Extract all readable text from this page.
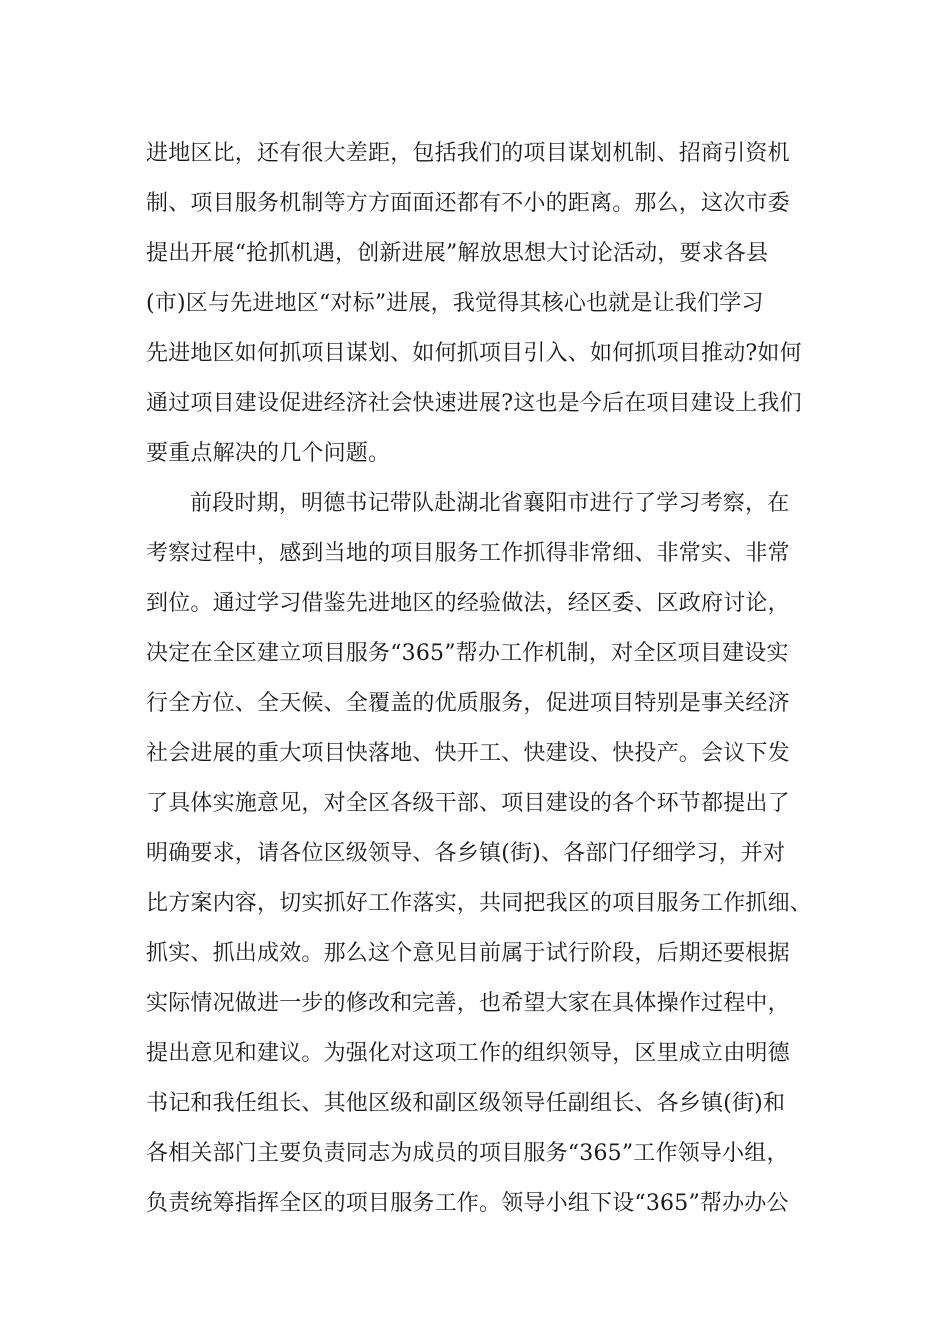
进地区比，还有很大差距，包括我们的项目谋划机制、招商引资机
制、项目服务机制等方方面面还都有不小的距离。那么，这次市委
提出开展“抢抓机遇，创新进展”解放思想大讨论活动，要求各县
(市)区与先进地区“对标”进展，我觉得其核心也就是让我们学习
先进地区如何抓项目谋划、如何抓项目引入、如何抓项目推动?如何
通过项目建设促进经济社会快速进展?这也是今后在项目建设上我们
要重点解决的几个问题。
前段时期，明德书记带队赴湖北省襄阳市进行了学习考察，在
考察过程中，感到当地的项目服务工作抓得非常细、非常实、非常
到位。通过学习借鉴先进地区的经验做法，经区委、区政府讨论，
决定在全区建立项目服务“365”帮办工作机制，对全区项目建设实
行全方位、全天候、全覆盖的优质服务，促进项目特别是事关经济
社会进展的重大项目快落地、快开工、快建设、快投产。会议下发
了具体实施意见，对全区各级干部、项目建设的各个环节都提出了
明确要求，请各位区级领导、各乡镇(街)、各部门仔细学习，并对
比方案内容，切实抓好工作落实，共同把我区的项目服务工作抓细、
抓实、抓出成效。那么这个意见目前属于试行阶段，后期还要根据
实际情况做进一步的修改和完善，也希望大家在具体操作过程中，
提出意见和建议。为强化对这项工作的组织领导，区里成立由明德
书记和我任组长、其他区级和副区级领导任副组长、各乡镇(街)和
各相关部门主要负责同志为成员的项目服务“365”工作领导小组，
负责统筹指挥全区的项目服务工作。领导小组下设“365”帮办办公
